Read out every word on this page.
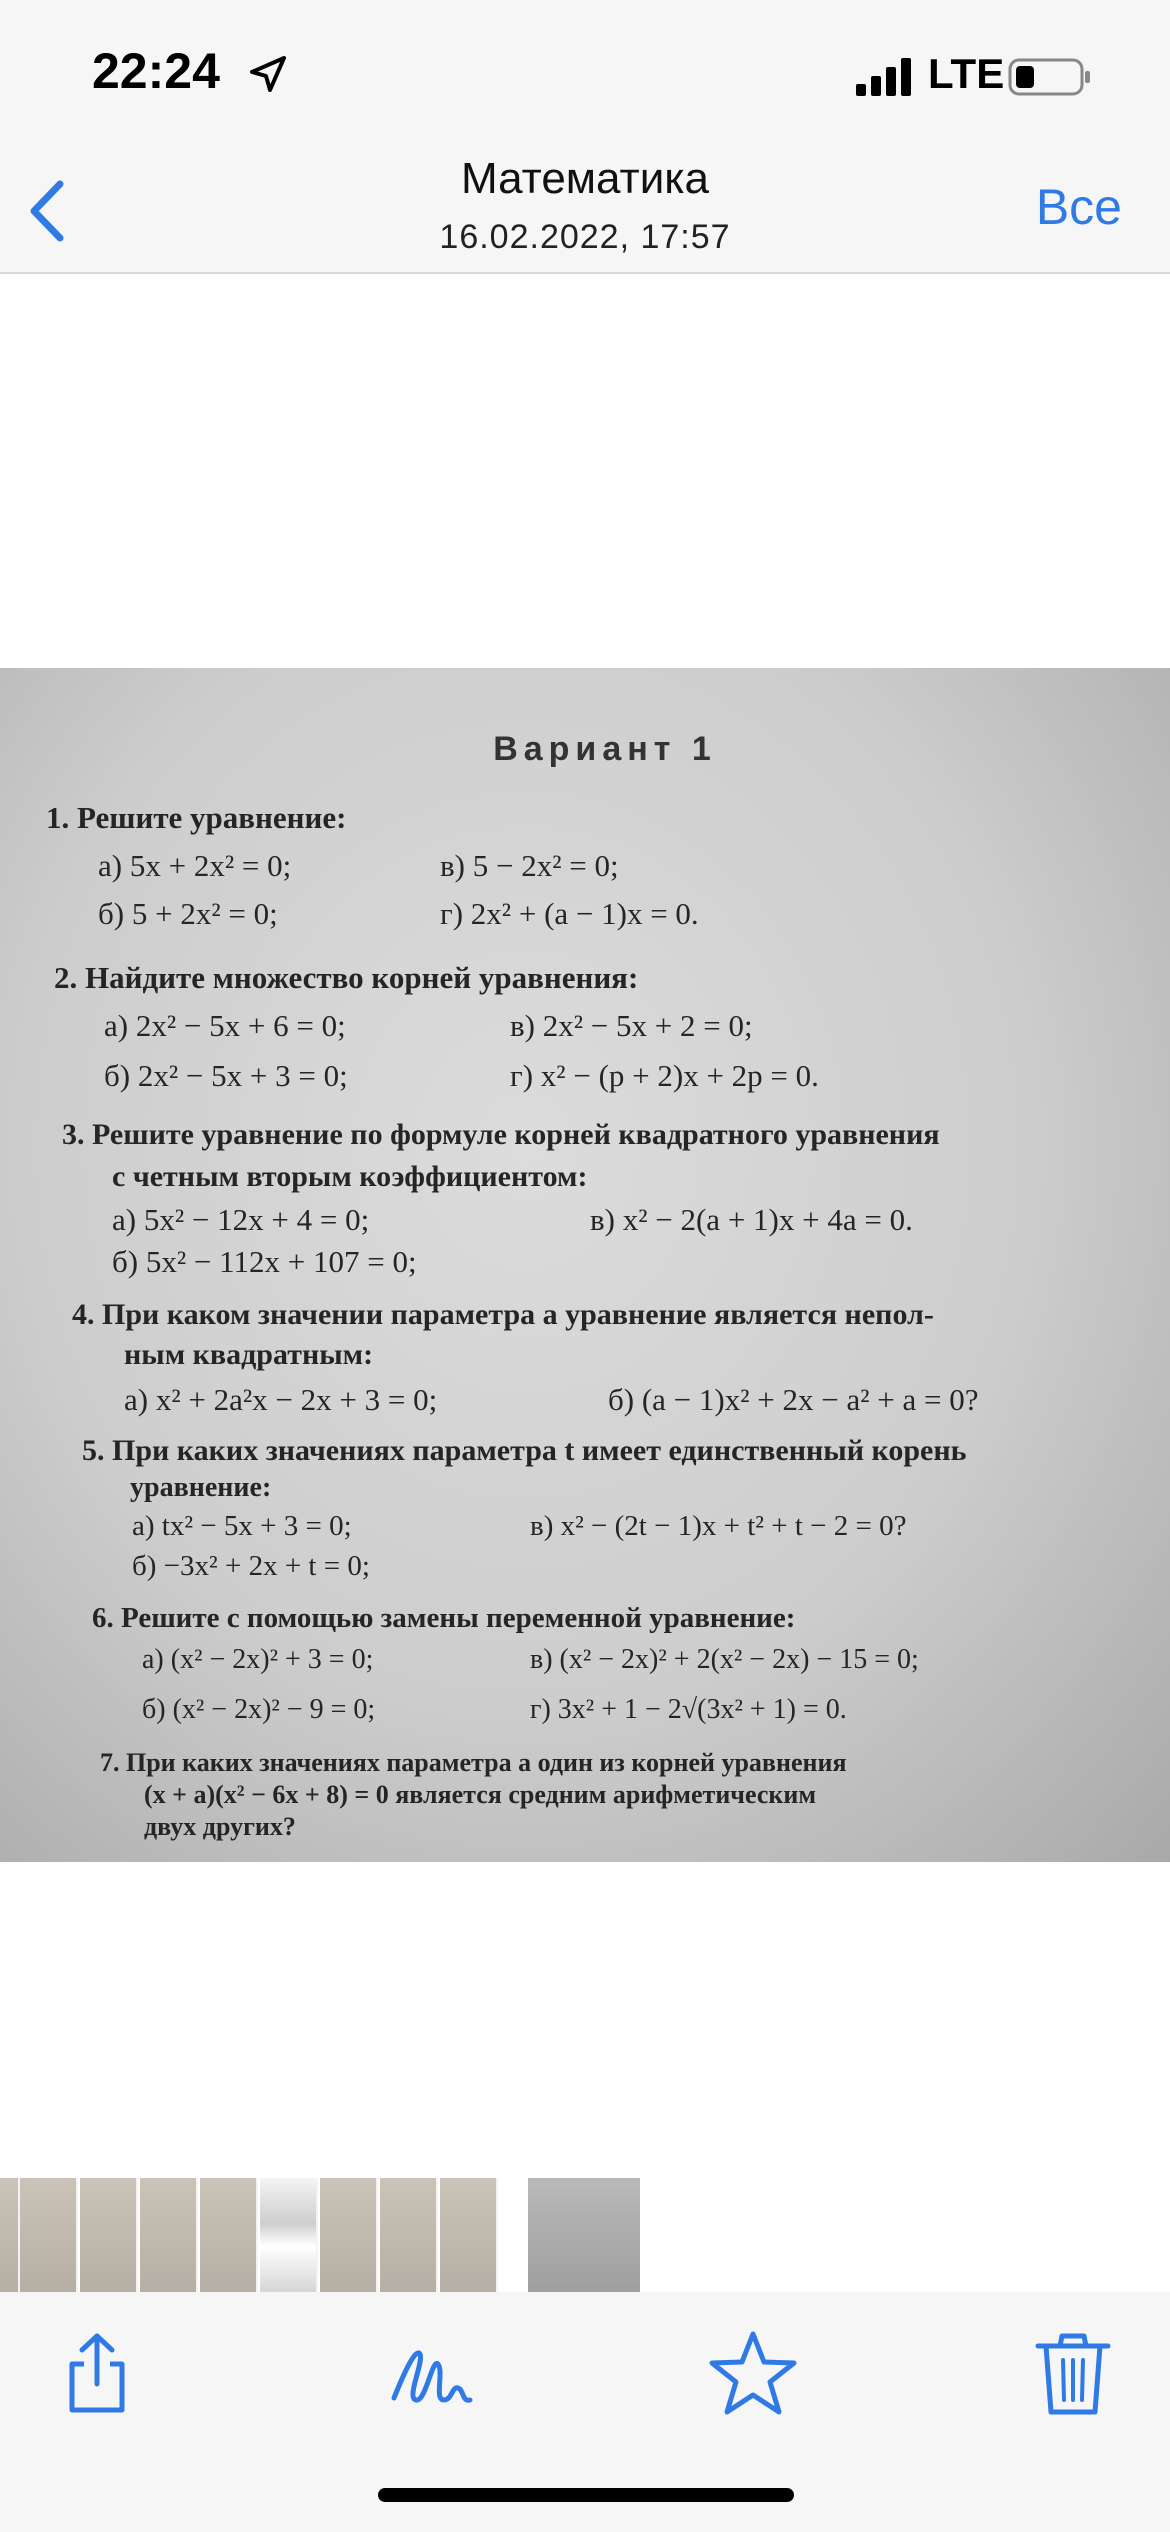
22:24	LTE
Математика
16.02.2022, 17:57
Все
Вариант 1
1. Решите уравнение:
а) 5x + 2x² = 0;	в) 5 − 2x² = 0;
б) 5 + 2x² = 0;	г) 2x² + (a − 1)x = 0.
2. Найдите множество корней уравнения:
а) 2x² − 5x + 6 = 0;	в) 2x² − 5x + 2 = 0;
б) 2x² − 5x + 3 = 0;	г) x² − (p + 2)x + 2p = 0.
3. Решите уравнение по формуле корней квадратного уравнения
с четным вторым коэффициентом:
а) 5x² − 12x + 4 = 0;	в) x² − 2(a + 1)x + 4a = 0.
б) 5x² − 112x + 107 = 0;
4. При каком значении параметра a уравнение является непол-
ным квадратным:
а) x² + 2a²x − 2x + 3 = 0;	б) (a − 1)x² + 2x − a² + a = 0?
5. При каких значениях параметра t имеет единственный корень
уравнение:
а) tx² − 5x + 3 = 0;	в) x² − (2t − 1)x + t² + t − 2 = 0?
б) −3x² + 2x + t = 0;
6. Решите с помощью замены переменной уравнение:
а) (x² − 2x)² + 3 = 0;	в) (x² − 2x)² + 2(x² − 2x) − 15 = 0;
б) (x² − 2x)² − 9 = 0;	г) 3x² + 1 − 2√(3x² + 1) = 0.
7. При каких значениях параметра a один из корней уравнения
(x + a)(x² − 6x + 8) = 0 является средним арифметическим
двух других?
